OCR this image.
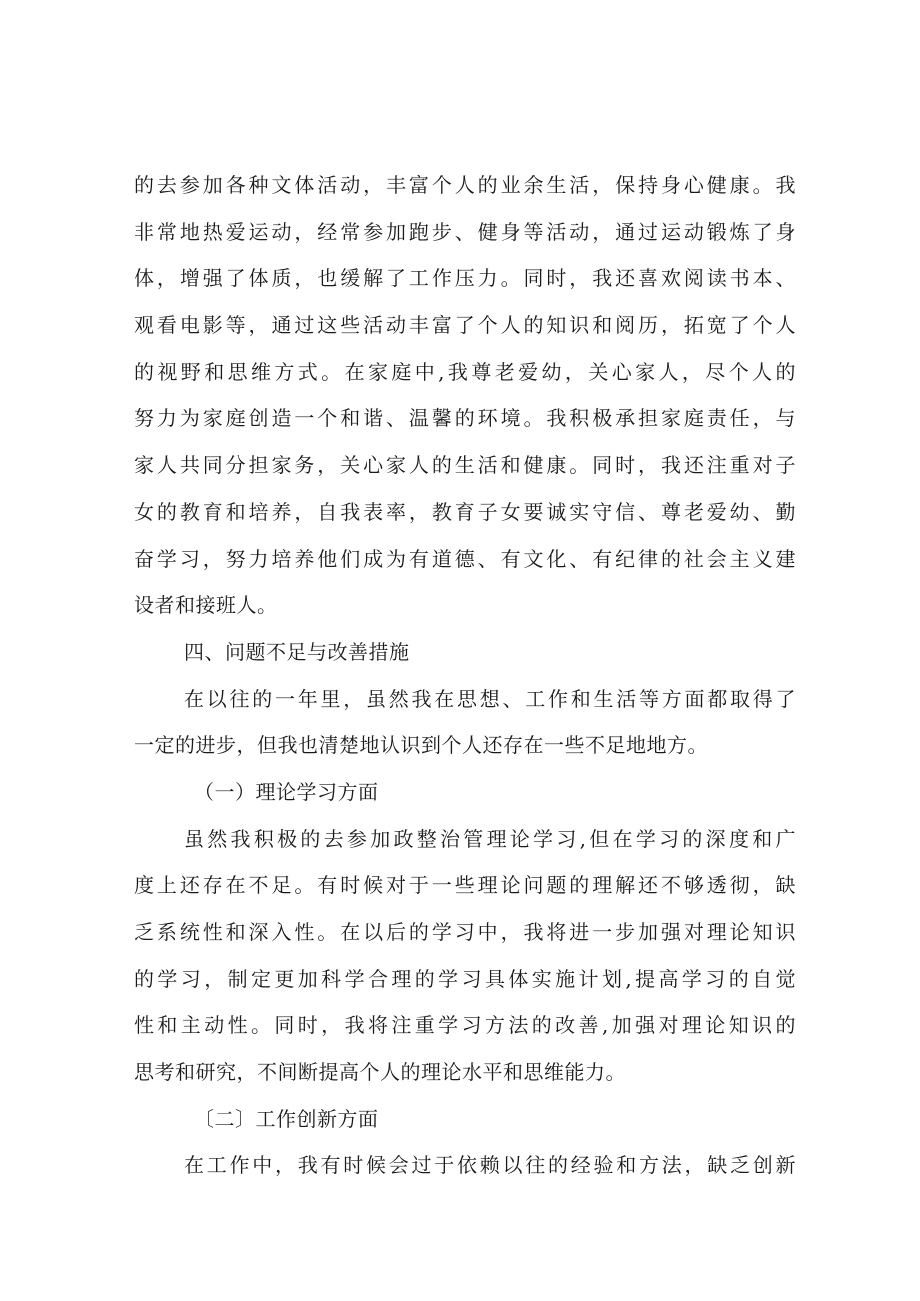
的去参加各种文体活动，丰富个人的业余生活，保持身心健康。我
非常地热爱运动，经常参加跑步、健身等活动，通过运动锻炼了身
体，增强了体质，也缓解了工作压力。同时，我还喜欢阅读书本、
观看电影等，通过这些活动丰富了个人的知识和阅历，拓宽了个人
的视野和思维方式。在家庭中,我尊老爱幼，关心家人，尽个人的
努力为家庭创造一个和谐、温馨的环境。我积极承担家庭责任，与
家人共同分担家务，关心家人的生活和健康。同时，我还注重对子
女的教育和培养，自我表率，教育子女要诚实守信、尊老爱幼、勤
奋学习，努力培养他们成为有道德、有文化、有纪律的社会主义建
设者和接班人。
四、问题不足与改善措施
在以往的一年里，虽然我在思想、工作和生活等方面都取得了
一定的进步，但我也清楚地认识到个人还存在一些不足地地方。
（一）理论学习方面
虽然我积极的去参加政整治管理论学习,但在学习的深度和广
度上还存在不足。有时候对于一些理论问题的理解还不够透彻，缺
乏系统性和深入性。在以后的学习中，我将进一步加强对理论知识
的学习，制定更加科学合理的学习具体实施计划,提高学习的自觉
性和主动性。同时，我将注重学习方法的改善,加强对理论知识的
思考和研究，不间断提高个人的理论水平和思维能力。
〔二〕工作创新方面
在工作中，我有时候会过于依赖以往的经验和方法，缺乏创新
